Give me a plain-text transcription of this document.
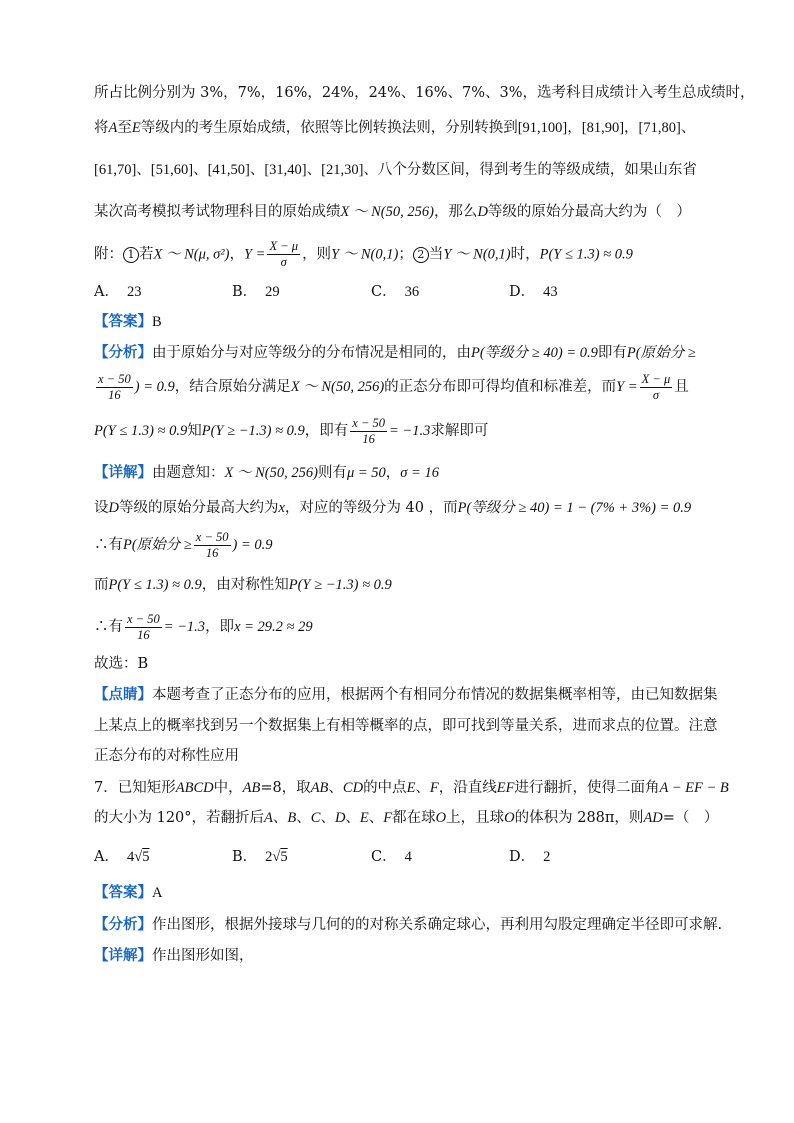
所占比例分别为 3%，7%，16%，24%，24%、16%、7%、3%，选考科目成绩计入考生总成绩时，
将A至E等级内的考生原始成绩，依照等比例转换法则，分别转换到[91,100]，[81,90]，[71,80]、
[61,70]、[51,60]、[41,50]、[31,40]、[21,30]、八个分数区间，得到考生的等级成绩，如果山东省
某次高考模拟考试物理科目的原始成绩X ～ N(50, 256)，那么D等级的原始分最高大约为（　）
附： 1 若X ～ N(μ, σ²)，$Y = \frac{X - \mu}{\sigma}$ ，则Y ～ N(0,1)； 2 当Y ～ N(0,1)时，P(Y ≤ 1.3) ≈ 0.9
A． 23	B． 29	C． 36	D． 43
【答案】B
【分析】由于原始分与对应等级分的分布情况是相同的，由P(等级分 ≥ 40) = 0.9即有P(原始分 ≥
$\frac{x - 50}{16}$ ) = 0.9，结合原始分满足X ～ N(50, 256)的正态分布即可得均值和标准差，而$Y = \frac{X - \mu}{\sigma}$ 且
P(Y ≤ 1.3) ≈ 0.9知P(Y ≥ −1.3) ≈ 0.9，即有 $\frac{x - 50}{16} = -1.3$求解即可
【详解】由题意知：X ～ N(50, 256)则有μ = 50，σ = 16
设D等级的原始分最高大约为x，对应的等级分为 40 ，而P(等级分 ≥ 40) = 1 − (7% + 3%) = 0.9
∴有P(原始分 ≥ $\frac{x - 50}{16}$ ) = 0.9
而P(Y ≤ 1.3) ≈ 0.9，由对称性知P(Y ≥ −1.3) ≈ 0.9
∴有 $\frac{x - 50}{16} = -1.3$，即x = 29.2 ≈ 29
故选：B
【点睛】本题考查了正态分布的应用，根据两个有相同分布情况的数据集概率相等，由已知数据集
上某点上的概率找到另一个数据集上有相等概率的点，即可找到等量关系，进而求点的位置。注意
正态分布的对称性应用
7．已知矩形ABCD中，AB=8，取AB、CD的中点E、F，沿直线EF进行翻折，使得二面角A − EF − B
的大小为 120°，若翻折后A、B、C、D、E、F都在球O上，且球O的体积为 288π，则AD=（　）
A． 4√5	B． 2√5	C． 4	D． 2
【答案】A
【分析】作出图形，根据外接球与几何的的对称关系确定球心，再利用勾股定理确定半径即可求解.
【详解】作出图形如图，
